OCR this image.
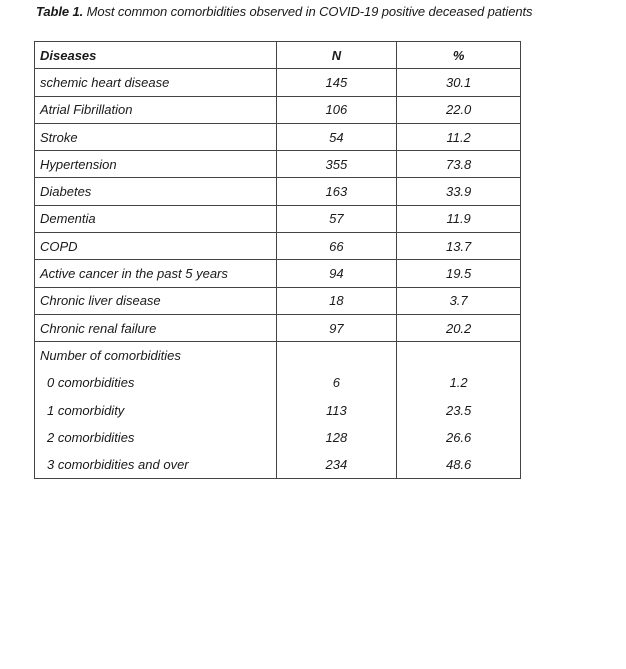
Table 1. Most common comorbidities observed in COVID-19 positive deceased patients
Diseases	N	%
schemic heart disease	145	30.1
Atrial Fibrillation	106	22.0
Stroke	54	11.2
Hypertension	355	73.8
Diabetes	163	33.9
Dementia	57	11.9
COPD	66	13.7
Active cancer in the past 5 years	94	19.5
Chronic liver disease	18	3.7
Chronic renal failure	97	20.2
Number of comorbidities		
0 comorbidities	6	1.2
1 comorbidity	113	23.5
2 comorbidities	128	26.6
3 comorbidities and over	234	48.6
